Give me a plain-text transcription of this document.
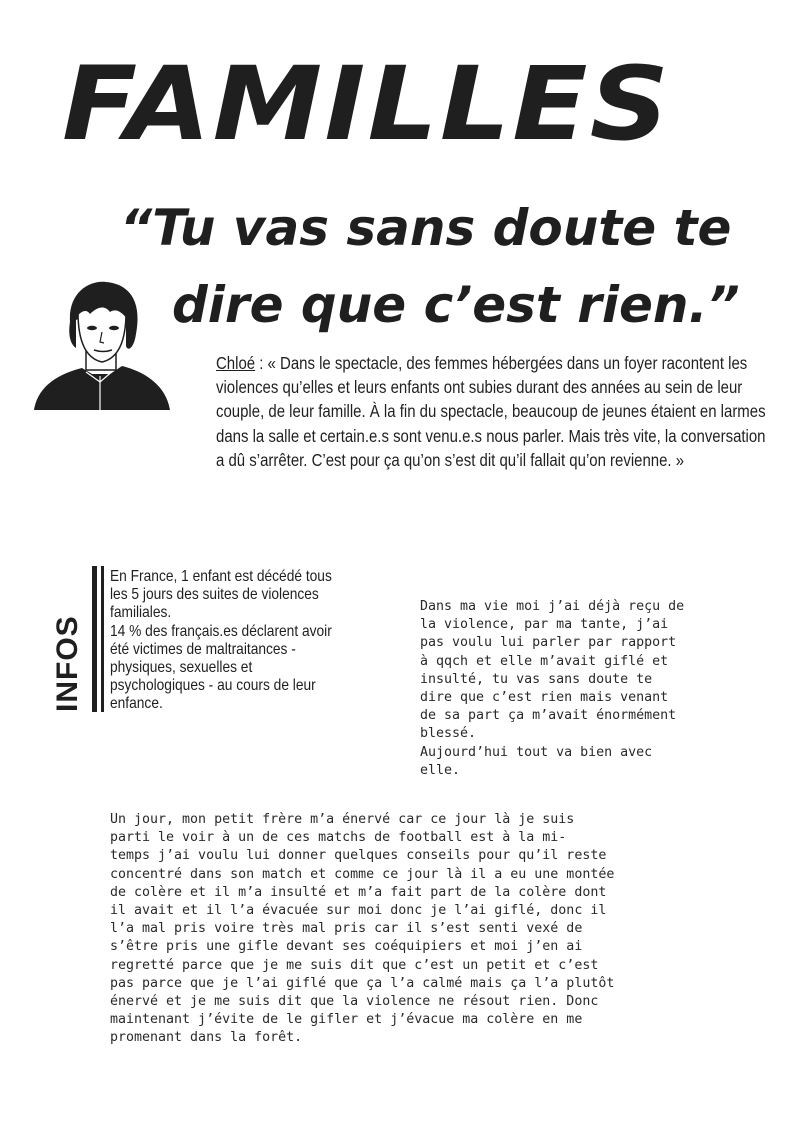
FAMILLES
“Tu vas sans doute te
dire que c’est rien.”
Chloé : « Dans le spectacle, des femmes hébergées dans un foyer racontent les violences qu’elles et leurs enfants ont subies durant des années au sein de leur couple, de leur famille. À la fin du spectacle, beaucoup de jeunes étaient en larmes dans la salle et certain.e.s sont venu.e.s nous parler. Mais très vite, la conversation a dû s’arrêter. C’est pour ça qu’on s’est dit qu’il fallait qu’on revienne. »
INFOS

En France, 1 enfant est décédé tous les 5 jours des suites de violences familiales.

14 % des français.es déclarent avoir été victimes de maltraitances - physiques, sexuelles et psychologiques - au cours de leur enfance.

Dans ma vie moi j’ai déjà reçu de
la violence, par ma tante, j’ai
pas voulu lui parler par rapport
à qqch et elle m’avait giflé et
insulté, tu vas sans doute te
dire que c’est rien mais venant
de sa part ça m’avait énormément
blessé.
Aujourd’hui tout va bien avec
elle.
Un jour, mon petit frère m’a énervé car ce jour là je suis
parti le voir à un de ces matchs de football est à la mi-
temps j’ai voulu lui donner quelques conseils pour qu’il reste
concentré dans son match et comme ce jour là il a eu une montée
de colère et il m’a insulté et m’a fait part de la colère dont
il avait et il l’a évacuée sur moi donc je l’ai giflé, donc il
l’a mal pris voire très mal pris car il s’est senti vexé de
s’être pris une gifle devant ses coéquipiers et moi j’en ai
regretté parce que je me suis dit que c’est un petit et c’est
pas parce que je l’ai giflé que ça l’a calmé mais ça l’a plutôt
énervé et je me suis dit que la violence ne résout rien. Donc
maintenant j’évite de le gifler et j’évacue ma colère en me
promenant dans la forêt.
